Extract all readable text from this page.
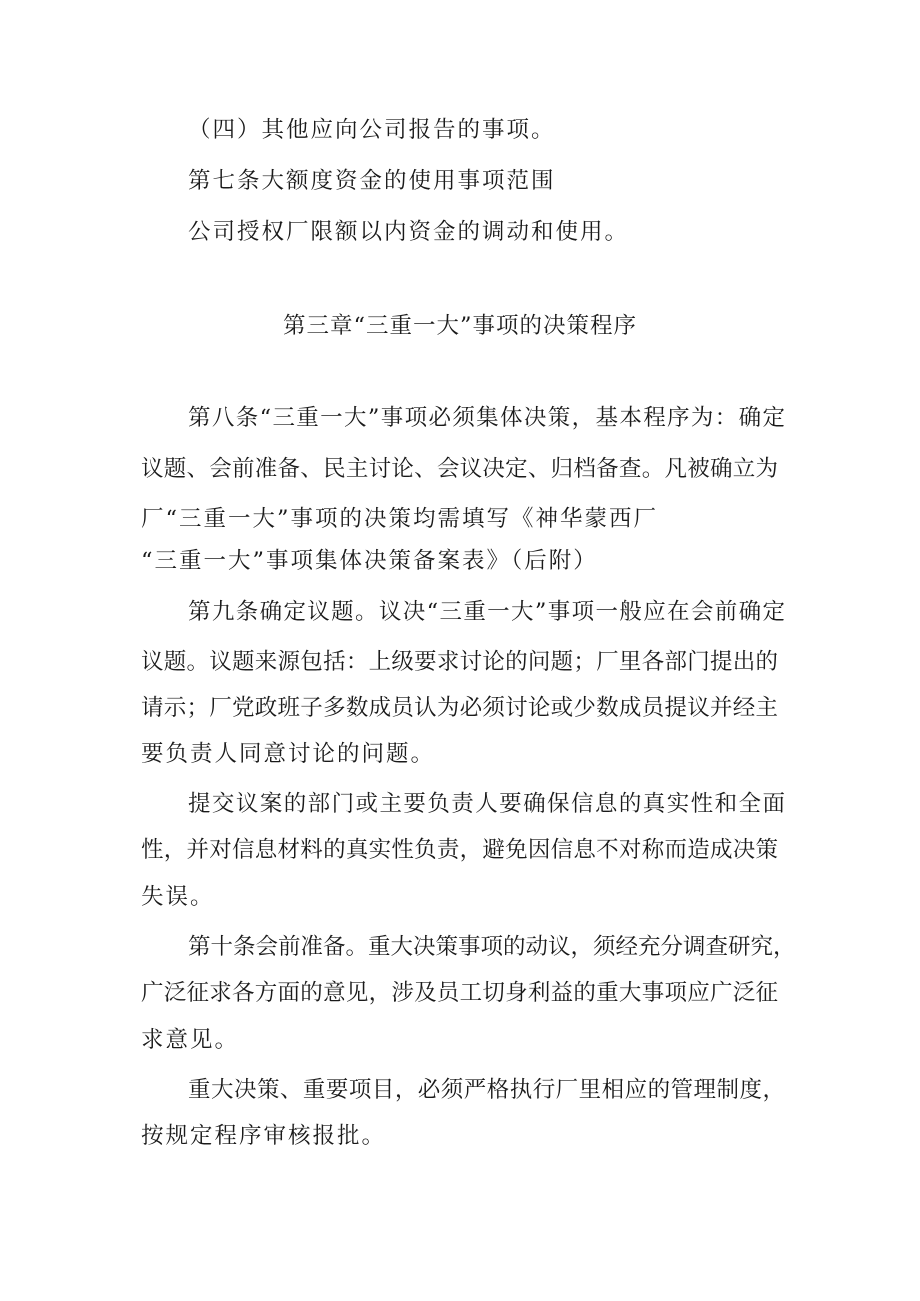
（四）其他应向公司报告的事项。

第七条大额度资金的使用事项范围

公司授权厂限额以内资金的调动和使用。

第三章“三重一大”事项的决策程序

第八条“三重一大”事项必须集体决策，基本程序为：确定

议题、会前准备、民主讨论、会议决定、归档备查。凡被确立为

厂“三重一大”事项的决策均需填写《神华蒙西厂

“三重一大”事项集体决策备案表》（后附）

第九条确定议题。议决“三重一大”事项一般应在会前确定

议题。议题来源包括：上级要求讨论的问题；厂里各部门提出的

请示；厂党政班子多数成员认为必须讨论或少数成员提议并经主

要负责人同意讨论的问题。

提交议案的部门或主要负责人要确保信息的真实性和全面

性，并对信息材料的真实性负责，避免因信息不对称而造成决策

失误。

第十条会前准备。重大决策事项的动议，须经充分调查研究，

广泛征求各方面的意见，涉及员工切身利益的重大事项应广泛征

求意见。

重大决策、重要项目，必须严格执行厂里相应的管理制度，

按规定程序审核报批。
